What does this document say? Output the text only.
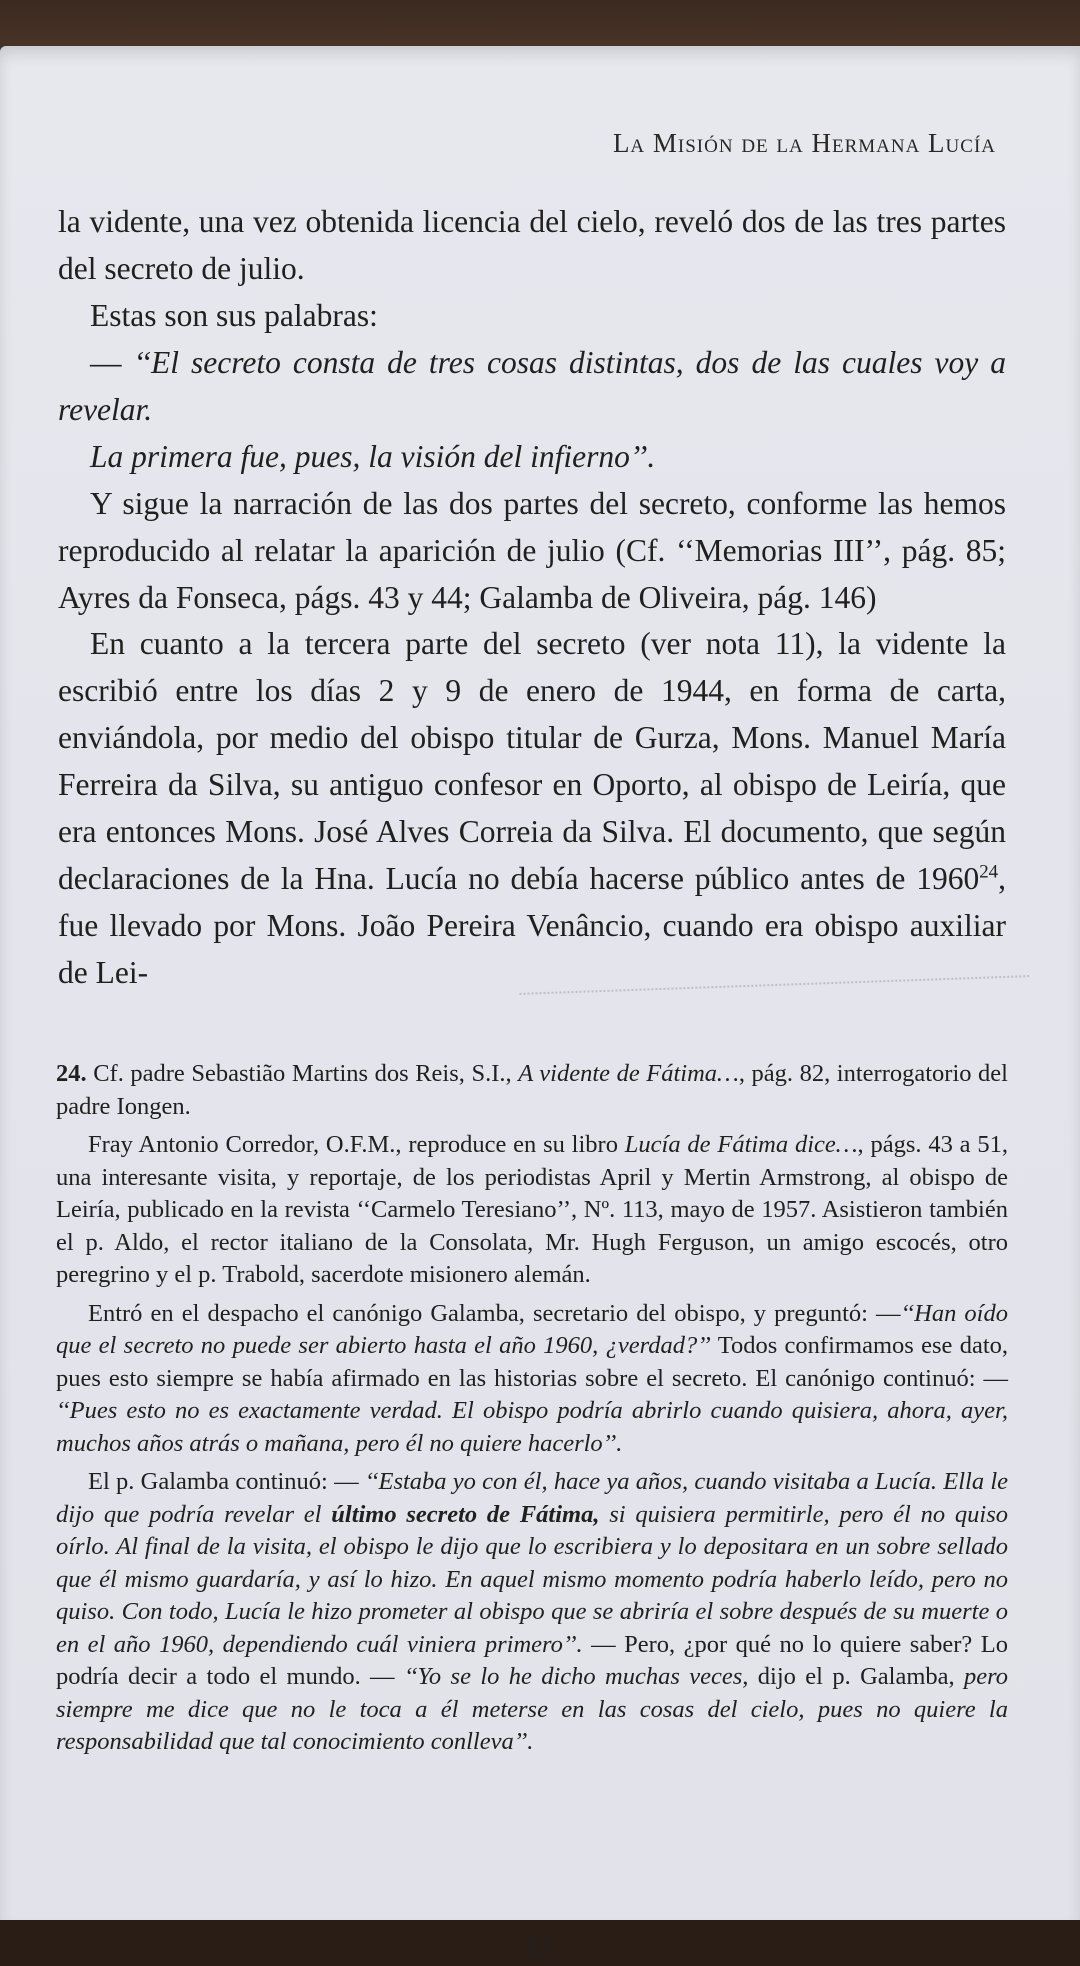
La Misión de la Hermana Lucía

la vidente, una vez obtenida licencia del cielo, reveló dos de las tres partes del secreto de julio.

Estas son sus palabras:

— ‘‘El secreto consta de tres cosas distintas, dos de las cuales voy a revelar.

La primera fue, pues, la visión del infierno’’.

Y sigue la narración de las dos partes del secreto, conforme las hemos reproducido al relatar la aparición de julio (Cf. ‘‘Memorias III’’, pág. 85; Ayres da Fonseca, págs. 43 y 44; Galamba de Oliveira, pág. 146)

En cuanto a la tercera parte del secreto (ver nota 11), la vidente la escribió entre los días 2 y 9 de enero de 1944, en forma de carta, enviándola, por medio del obispo titular de Gurza, Mons. Manuel María Ferreira da Silva, su antiguo confesor en Oporto, al obispo de Leiría, que era entonces Mons. José Alves Correia da Silva. El documento, que según declaraciones de la Hna. Lucía no debía hacerse público antes de 1960$^{24}$, fue llevado por Mons. João Pereira Venâncio, cuando era obispo auxiliar de Lei-

24. Cf. padre Sebastião Martins dos Reis, S.I., A vidente de Fátima…, pág. 82, interrogatorio del padre Iongen.

Fray Antonio Corredor, O.F.M., reproduce en su libro Lucía de Fátima dice…, págs. 43 a 51, una interesante visita, y reportaje, de los periodistas April y Mertin Armstrong, al obispo de Leiría, publicado en la revista ‘‘Carmelo Teresiano’’, Nº. 113, mayo de 1957. Asistieron también el p. Aldo, el rector italiano de la Consolata, Mr. Hugh Ferguson, un amigo escocés, otro peregrino y el p. Trabold, sacerdote misionero alemán.

Entró en el despacho el canónigo Galamba, secretario del obispo, y preguntó: —‘‘Han oído que el secreto no puede ser abierto hasta el año 1960, ¿verdad?’’ Todos confirmamos ese dato, pues esto siempre se había afirmado en las historias sobre el secreto. El canónigo continuó: — ‘‘Pues esto no es exactamente verdad. El obispo podría abrirlo cuando quisiera, ahora, ayer, muchos años atrás o mañana, pero él no quiere hacerlo’’.

El p. Galamba continuó: — ‘‘Estaba yo con él, hace ya años, cuando visitaba a Lucía. Ella le dijo que podría revelar el último secreto de Fátima, si quisiera permitirle, pero él no quiso oírlo. Al final de la visita, el obispo le dijo que lo escribiera y lo depositara en un sobre sellado que él mismo guardaría, y así lo hizo. En aquel mismo momento podría haberlo leído, pero no quiso. Con todo, Lucía le hizo prometer al obispo que se abriría el sobre después de su muerte o en el año 1960, dependiendo cuál viniera primero’’. — Pero, ¿por qué no lo quiere saber? Lo podría decir a todo el mundo. — ‘‘Yo se lo he dicho muchas veces, dijo el p. Galamba, pero siempre me dice que no le toca a él meterse en las cosas del cielo, pues no quiere la responsabilidad que tal conocimiento conlleva’’.

81
